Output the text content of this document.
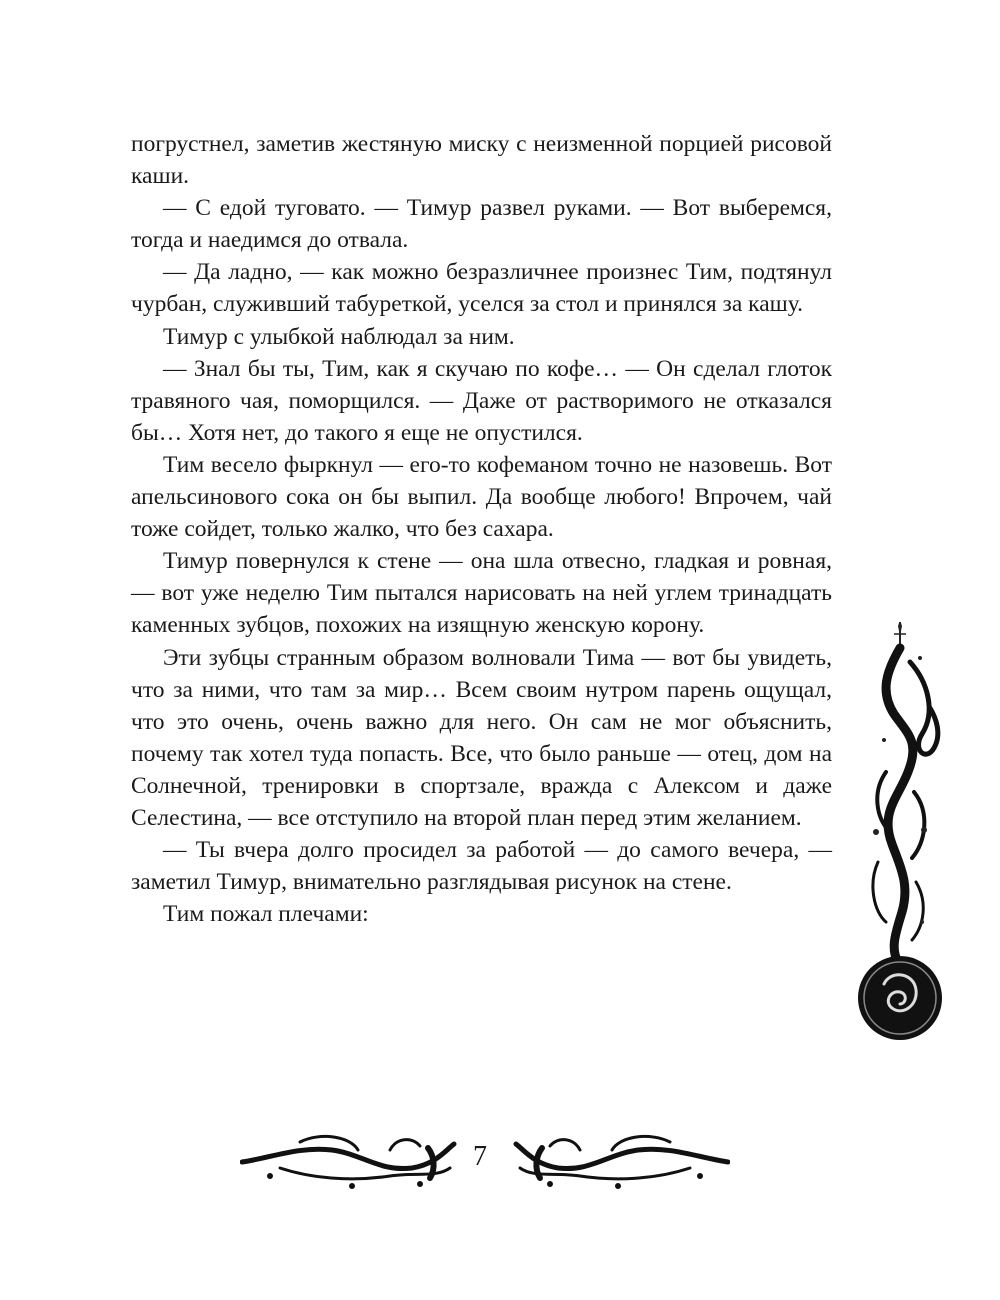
погрустнел, заметив жестяную миску с неизменной порцией рисовой каши.

— С едой туговато. — Тимур развел руками. — Вот выберемся, тогда и наедимся до отвала.

— Да ладно, — как можно безразличнее произнес Тим, подтянул чурбан, служивший табуреткой, уселся за стол и принялся за кашу.

Тимур с улыбкой наблюдал за ним.

— Знал бы ты, Тим, как я скучаю по кофе… — Он сделал глоток травяного чая, поморщился. — Даже от растворимого не отказался бы… Хотя нет, до такого я еще не опустился.

Тим весело фыркнул — его-то кофеманом точно не назовешь. Вот апельсинового сока он бы выпил. Да вообще любого! Впрочем, чай тоже сойдет, только жалко, что без сахара.

Тимур повернулся к стене — она шла отвесно, гладкая и ровная, — вот уже неделю Тим пытался нарисовать на ней углем тринадцать каменных зубцов, похожих на изящную женскую корону.

Эти зубцы странным образом волновали Тима — вот бы увидеть, что за ними, что там за мир… Всем своим нутром парень ощущал, что это очень, очень важно для него. Он сам не мог объяснить, почему так хотел туда попасть. Все, что было раньше — отец, дом на Солнечной, тренировки в спортзале, вражда с Алексом и даже Селестина, — все отступило на второй план перед этим желанием.

— Ты вчера долго просидел за работой — до самого вечера, — заметил Тимур, внимательно разглядывая рисунок на стене.

Тим пожал плечами:

7
